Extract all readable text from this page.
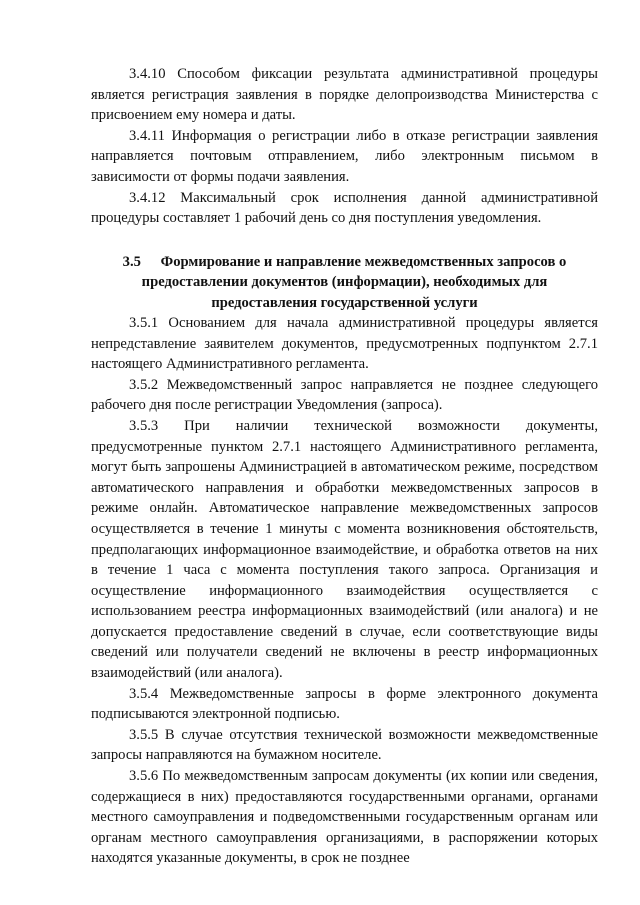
3.4.10 Способом фиксации результата административной процедуры является регистрация заявления в порядке делопроизводства Министерства с присвоением ему номера и даты.

3.4.11 Информация о регистрации либо в отказе регистрации заявления направляется почтовым отправлением, либо электронным письмом в зависимости от формы подачи заявления.

3.4.12 Максимальный срок исполнения данной административной процедуры составляет 1 рабочий день со дня поступления уведомления.

3.5 Формирование и направление межведомственных запросов о предоставлении документов (информации), необходимых для предоставления государственной услуги

3.5.1 Основанием для начала административной процедуры является непредставление заявителем документов, предусмотренных подпунктом 2.7.1 настоящего Административного регламента.

3.5.2 Межведомственный запрос направляется не позднее следующего рабочего дня после регистрации Уведомления (запроса).

3.5.3 При наличии технической возможности документы, предусмотренные пунктом 2.7.1 настоящего Административного регламента, могут быть запрошены Администрацией в автоматическом режиме, посредством автоматического направления и обработки межведомственных запросов в режиме онлайн. Автоматическое направление межведомственных запросов осуществляется в течение 1 минуты с момента возникновения обстоятельств, предполагающих информационное взаимодействие, и обработка ответов на них в течение 1 часа с момента поступления такого запроса. Организация и осуществление информационного взаимодействия осуществляется с использованием реестра информационных взаимодействий (или аналога) и не допускается предоставление сведений в случае, если соответствующие виды сведений или получатели сведений не включены в реестр информационных взаимодействий (или аналога).

3.5.4 Межведомственные запросы в форме электронного документа подписываются электронной подписью.

3.5.5 В случае отсутствия технической возможности межведомственные запросы направляются на бумажном носителе.

3.5.6 По межведомственным запросам документы (их копии или сведения, содержащиеся в них) предоставляются государственными органами, органами местного самоуправления и подведомственными государственным органам или органам местного самоуправления организациями, в распоряжении которых находятся указанные документы, в срок не позднее
